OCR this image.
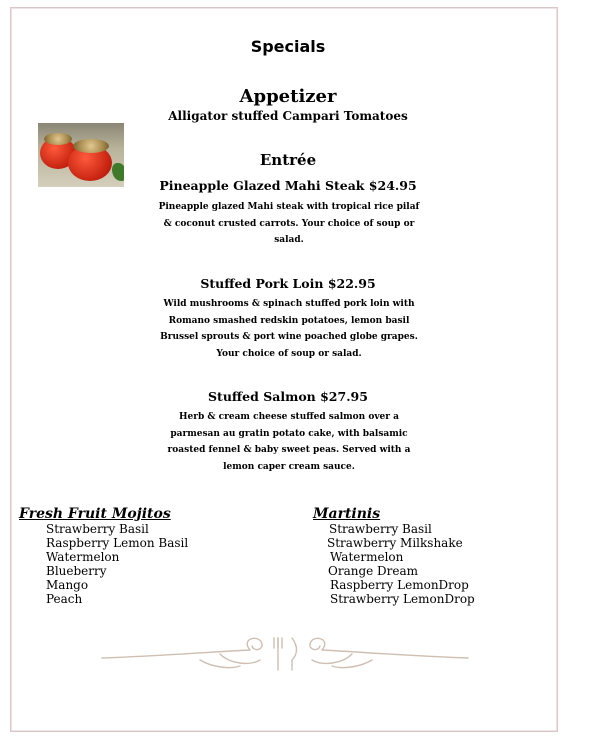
Specials
Appetizer
Alligator stuffed Campari Tomatoes
Entrée
Pineapple Glazed Mahi Steak $24.95
Pineapple glazed Mahi steak with tropical rice pilaf
& coconut crusted carrots. Your choice of soup or
salad.
Stuffed Pork Loin $22.95
Wild mushrooms & spinach stuffed pork loin with
Romano smashed redskin potatoes, lemon basil
Brussel sprouts & port wine poached globe grapes.
Your choice of soup or salad.
Stuffed Salmon $27.95
Herb & cream cheese stuffed salmon over a
parmesan au gratin potato cake, with balsamic
roasted fennel & baby sweet peas. Served with a
lemon caper cream sauce.
Fresh Fruit Mojitos
Strawberry Basil
Raspberry Lemon Basil
Watermelon
Blueberry
Mango
Peach
Martinis
Strawberry Basil
Strawberry Milkshake
Watermelon
Orange Dream
Raspberry LemonDrop
Strawberry LemonDrop
